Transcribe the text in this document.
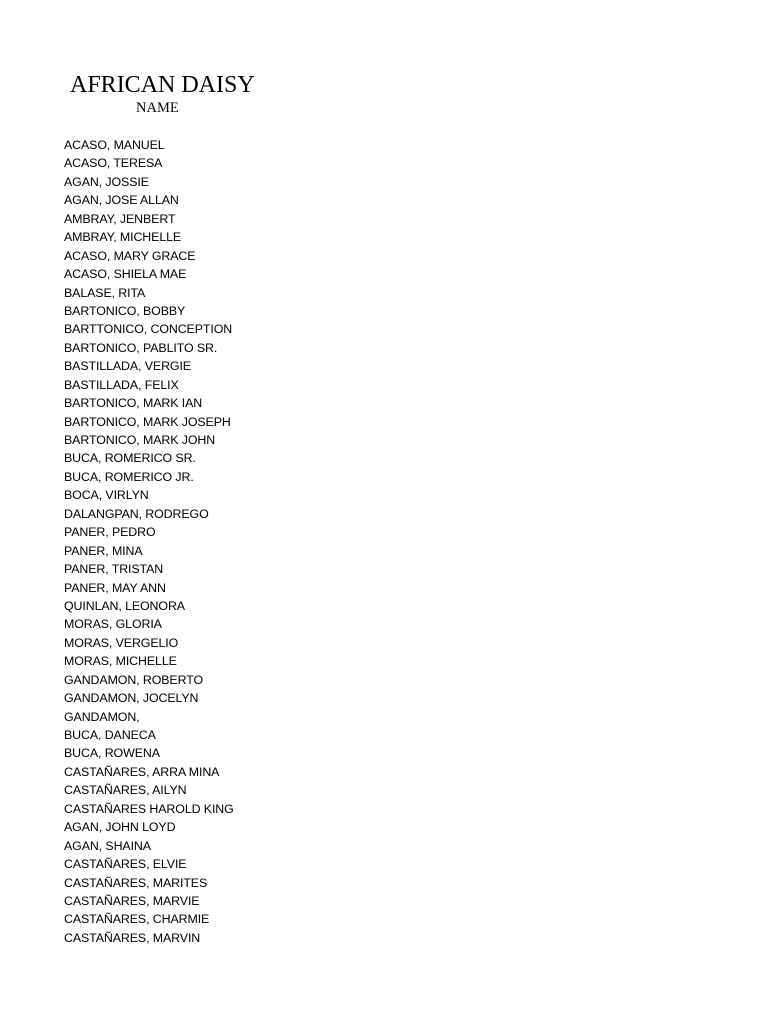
AFRICAN DAISY
NAME
ACASO, MANUEL
ACASO, TERESA
AGAN, JOSSIE
AGAN, JOSE ALLAN
AMBRAY, JENBERT
AMBRAY, MICHELLE
ACASO, MARY GRACE
ACASO, SHIELA MAE
BALASE, RITA
BARTONICO, BOBBY
BARTTONICO, CONCEPTION
BARTONICO, PABLITO SR.
BASTILLADA, VERGIE
BASTILLADA, FELIX
BARTONICO, MARK IAN
BARTONICO, MARK JOSEPH
BARTONICO, MARK JOHN
BUCA, ROMERICO SR.
BUCA, ROMERICO JR.
BOCA, VIRLYN
DALANGPAN, RODREGO
PANER, PEDRO
PANER, MINA
PANER, TRISTAN
PANER, MAY ANN
QUINLAN, LEONORA
MORAS, GLORIA
MORAS, VERGELIO
MORAS, MICHELLE
GANDAMON, ROBERTO
GANDAMON, JOCELYN
GANDAMON,
BUCA, DANECA
BUCA, ROWENA
CASTAÑARES, ARRA MINA
CASTAÑARES, AILYN
CASTAÑARES HAROLD KING
AGAN, JOHN LOYD
AGAN, SHAINA
CASTAÑARES, ELVIE
CASTAÑARES, MARITES
CASTAÑARES, MARVIE
CASTAÑARES, CHARMIE
CASTAÑARES, MARVIN
